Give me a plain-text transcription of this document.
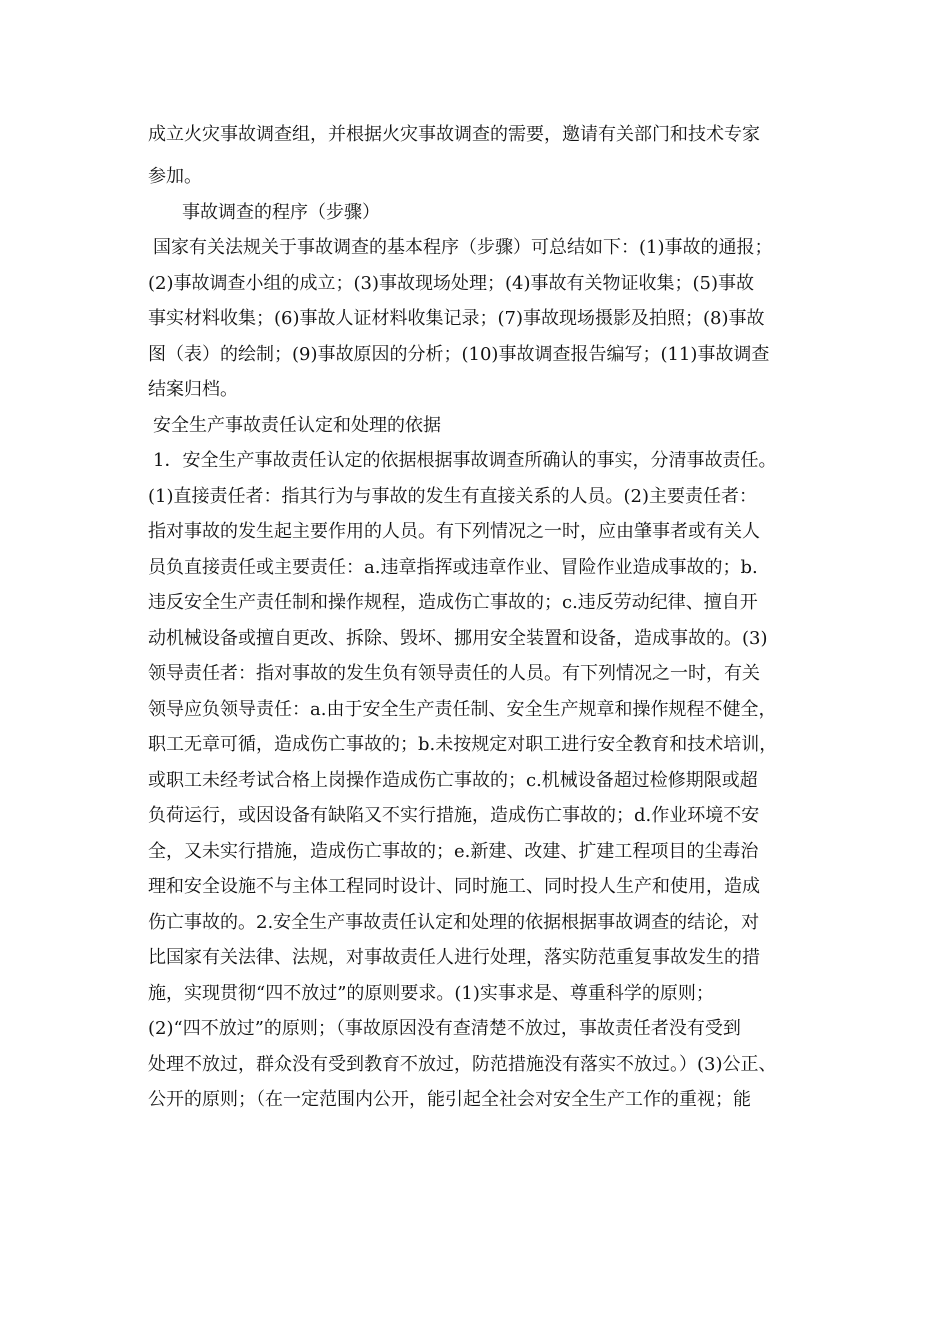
成立火灾事故调查组，并根据火灾事故调查的需要，邀请有关部门和技术专家
参加。
事故调查的程序（步骤）
国家有关法规关于事故调查的基本程序（步骤）可总结如下：(1)事故的通报；
(2)事故调查小组的成立；(3)事故现场处理；(4)事故有关物证收集；(5)事故
事实材料收集；(6)事故人证材料收集记录；(7)事故现场摄影及拍照；(8)事故
图（表）的绘制；(9)事故原因的分析；(10)事故调查报告编写；(11)事故调查
结案归档。
安全生产事故责任认定和处理的依据
1．安全生产事故责任认定的依据根据事故调查所确认的事实，分清事故责任。
(1)直接责任者：指其行为与事故的发生有直接关系的人员。(2)主要责任者：
指对事故的发生起主要作用的人员。有下列情况之一时，应由肇事者或有关人
员负直接责任或主要责任：a.违章指挥或违章作业、冒险作业造成事故的；b.
违反安全生产责任制和操作规程，造成伤亡事故的；c.违反劳动纪律、擅自开
动机械设备或擅自更改、拆除、毁坏、挪用安全装置和设备，造成事故的。(3)
领导责任者：指对事故的发生负有领导责任的人员。有下列情况之一时，有关
领导应负领导责任：a.由于安全生产责任制、安全生产规章和操作规程不健全，
职工无章可循，造成伤亡事故的；b.未按规定对职工进行安全教育和技术培训，
或职工未经考试合格上岗操作造成伤亡事故的；c.机械设备超过检修期限或超
负荷运行，或因设备有缺陷又不实行措施，造成伤亡事故的；d.作业环境不安
全，又未实行措施，造成伤亡事故的；e.新建、改建、扩建工程项目的尘毒治
理和安全设施不与主体工程同时设计、同时施工、同时投人生产和使用，造成
伤亡事故的。2.安全生产事故责任认定和处理的依据根据事故调查的结论，对
比国家有关法律、法规，对事故责任人进行处理，落实防范重复事故发生的措
施，实现贯彻“四不放过”的原则要求。(1)实事求是、尊重科学的原则；
(2)“四不放过”的原则；（事故原因没有查清楚不放过，事故责任者没有受到
处理不放过，群众没有受到教育不放过，防范措施没有落实不放过。）(3)公正、
公开的原则；（在一定范围内公开，能引起全社会对安全生产工作的重视；能
